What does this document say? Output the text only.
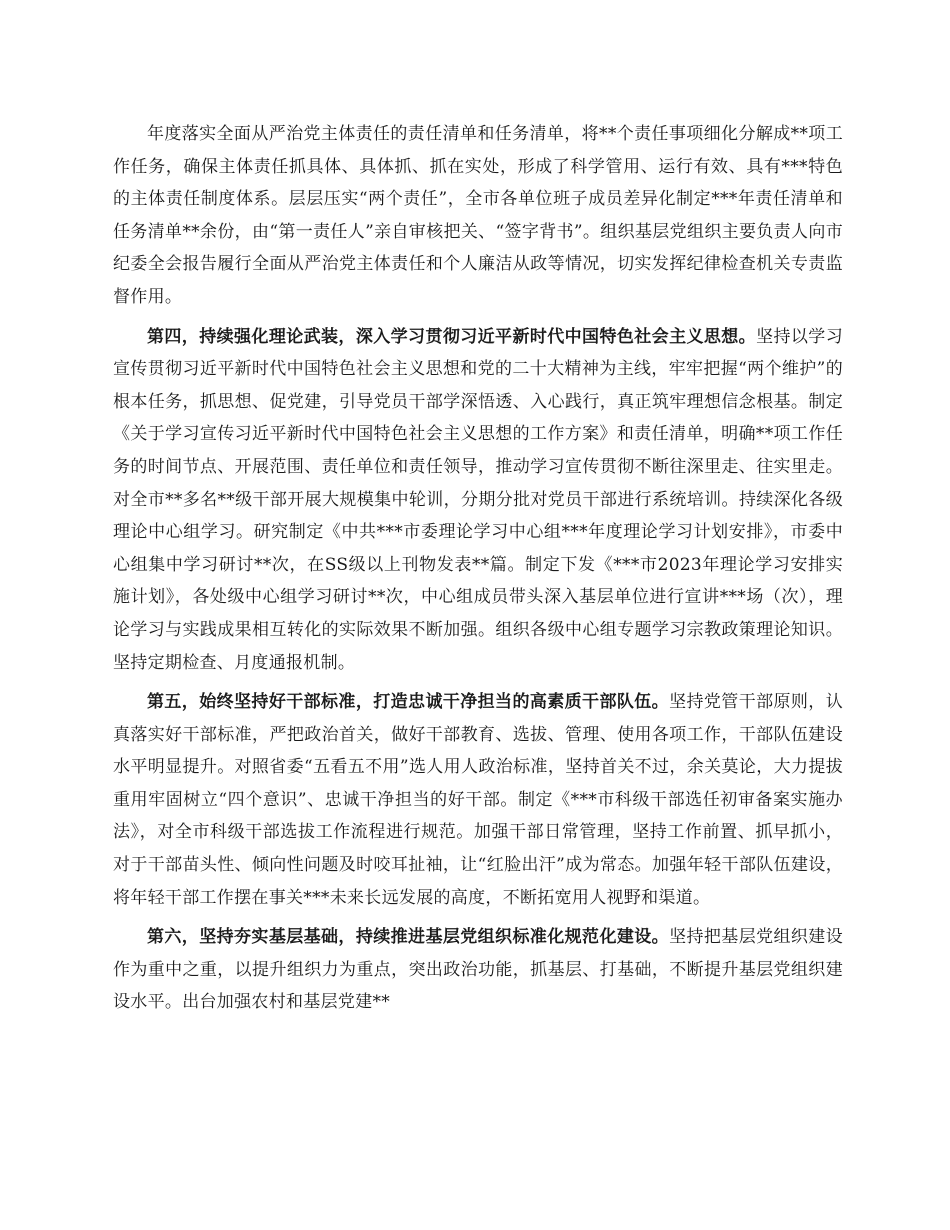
年度落实全面从严治党主体责任的责任清单和任务清单，将**个责任事项细化分解成**项工作任务，确保主体责任抓具体、具体抓、抓在实处，形成了科学管用、运行有效、具有***特色的主体责任制度体系。层层压实“两个责任”，全市各单位班子成员差异化制定***年责任清单和任务清单**余份，由“第一责任人”亲自审核把关、“签字背书”。组织基层党组织主要负责人向市纪委全会报告履行全面从严治党主体责任和个人廉洁从政等情况，切实发挥纪律检查机关专责监督作用。

第四，持续强化理论武装，深入学习贯彻习近平新时代中国特色社会主义思想。坚持以学习宣传贯彻习近平新时代中国特色社会主义思想和党的二十大精神为主线，牢牢把握“两个维护”的根本任务，抓思想、促党建，引导党员干部学深悟透、入心践行，真正筑牢理想信念根基。制定《关于学习宣传习近平新时代中国特色社会主义思想的工作方案》和责任清单，明确**项工作任务的时间节点、开展范围、责任单位和责任领导，推动学习宣传贯彻不断往深里走、往实里走。对全市**多名**级干部开展大规模集中轮训，分期分批对党员干部进行系统培训。持续深化各级理论中心组学习。研究制定《中共***市委理论学习中心组***年度理论学习计划安排》，市委中心组集中学习研讨**次，在SS级以上刊物发表**篇。制定下发《***市2023年理论学习安排实施计划》，各处级中心组学习研讨**次，中心组成员带头深入基层单位进行宣讲***场（次），理论学习与实践成果相互转化的实际效果不断加强。组织各级中心组专题学习宗教政策理论知识。坚持定期检查、月度通报机制。

第五，始终坚持好干部标准，打造忠诚干净担当的高素质干部队伍。坚持党管干部原则，认真落实好干部标准，严把政治首关，做好干部教育、选拔、管理、使用各项工作，干部队伍建设水平明显提升。对照省委“五看五不用”选人用人政治标准，坚持首关不过，余关莫论，大力提拔重用牢固树立“四个意识”、忠诚干净担当的好干部。制定《***市科级干部选任初审备案实施办法》，对全市科级干部选拔工作流程进行规范。加强干部日常管理，坚持工作前置、抓早抓小，对于干部苗头性、倾向性问题及时咬耳扯袖，让“红脸出汗”成为常态。加强年轻干部队伍建设，将年轻干部工作摆在事关***未来长远发展的高度，不断拓宽用人视野和渠道。

第六，坚持夯实基层基础，持续推进基层党组织标准化规范化建设。坚持把基层党组织建设作为重中之重，以提升组织力为重点，突出政治功能，抓基层、打基础，不断提升基层党组织建设水平。出台加强农村和基层党建**
